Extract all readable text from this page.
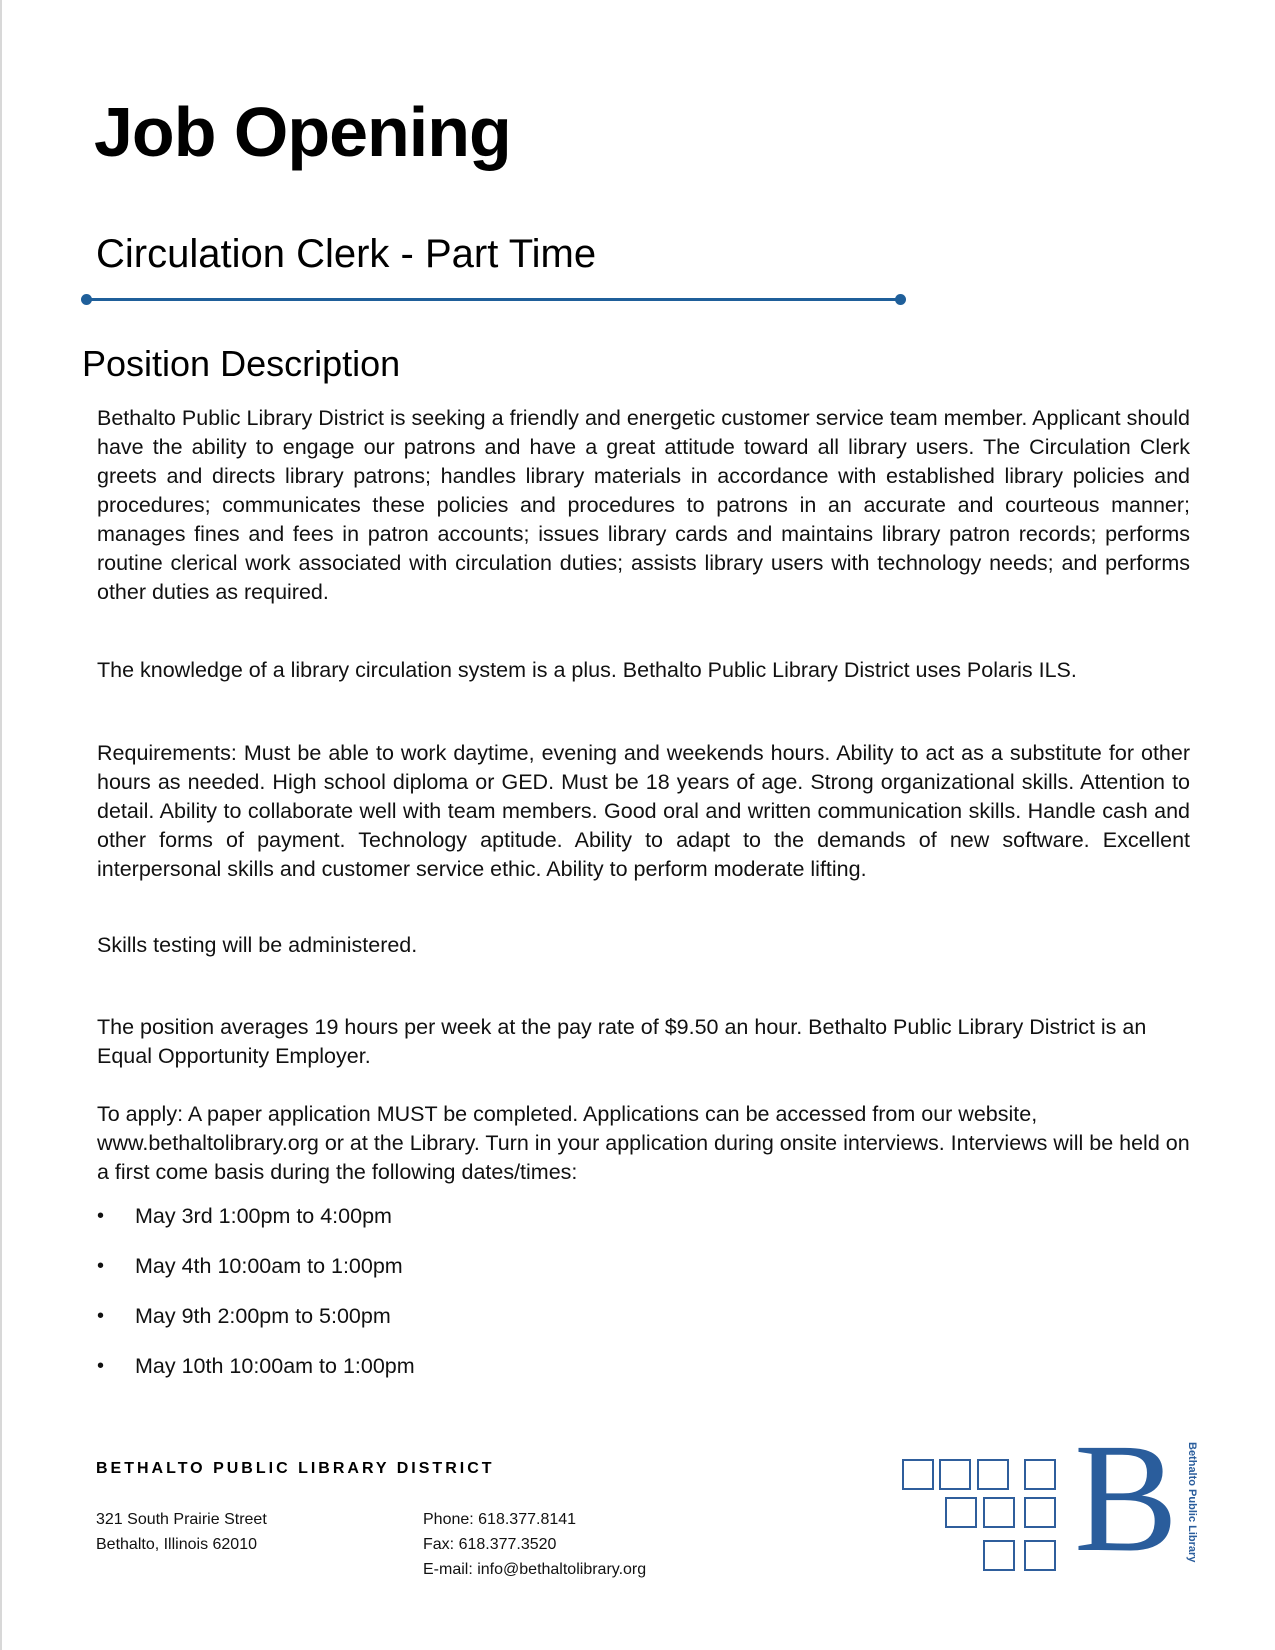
Job Opening
Circulation Clerk - Part Time
Position Description

Bethalto Public Library District is seeking a friendly and energetic customer service team member. Applicant should have the ability to engage our patrons and have a great attitude toward all library users. The Circulation Clerk greets and directs library patrons; handles library materials in accordance with established library policies and procedures; communicates these policies and procedures to patrons in an accurate and courteous manner; manages fines and fees in patron accounts; issues library cards and maintains library patron records; performs routine clerical work associated with circulation duties; assists library users with technology needs; and performs other duties as required.

The knowledge of a library circulation system is a plus. Bethalto Public Library District uses Polaris ILS.

Requirements: Must be able to work daytime, evening and weekends hours. Ability to act as a substitute for other hours as needed. High school diploma or GED. Must be 18 years of age. Strong organizational skills. Attention to detail. Ability to collaborate well with team members. Good oral and written communication skills. Handle cash and other forms of payment. Technology aptitude. Ability to adapt to the demands of new software. Excellent interpersonal skills and customer service ethic. Ability to perform moderate lifting.

Skills testing will be administered.

The position averages 19 hours per week at the pay rate of $9.50 an hour. Bethalto Public Library District is an Equal Opportunity Employer.

To apply: A paper application MUST be completed. Applications can be accessed from our website, www.bethaltolibrary.org or at the Library. Turn in your application during onsite interviews. Interviews will be held on a first come basis during the following dates/times:

• May 3rd 1:00pm to 4:00pm
• May 4th 10:00am to 1:00pm
• May 9th 2:00pm to 5:00pm
• May 10th 10:00am to 1:00pm
BETHALTO PUBLIC LIBRARY DISTRICT
321 South Prairie Street
Bethalto, Illinois 62010
Phone: 618.377.8141
Fax: 618.377.3520
E-mail: info@bethaltolibrary.org	B Bethalto Public Library
